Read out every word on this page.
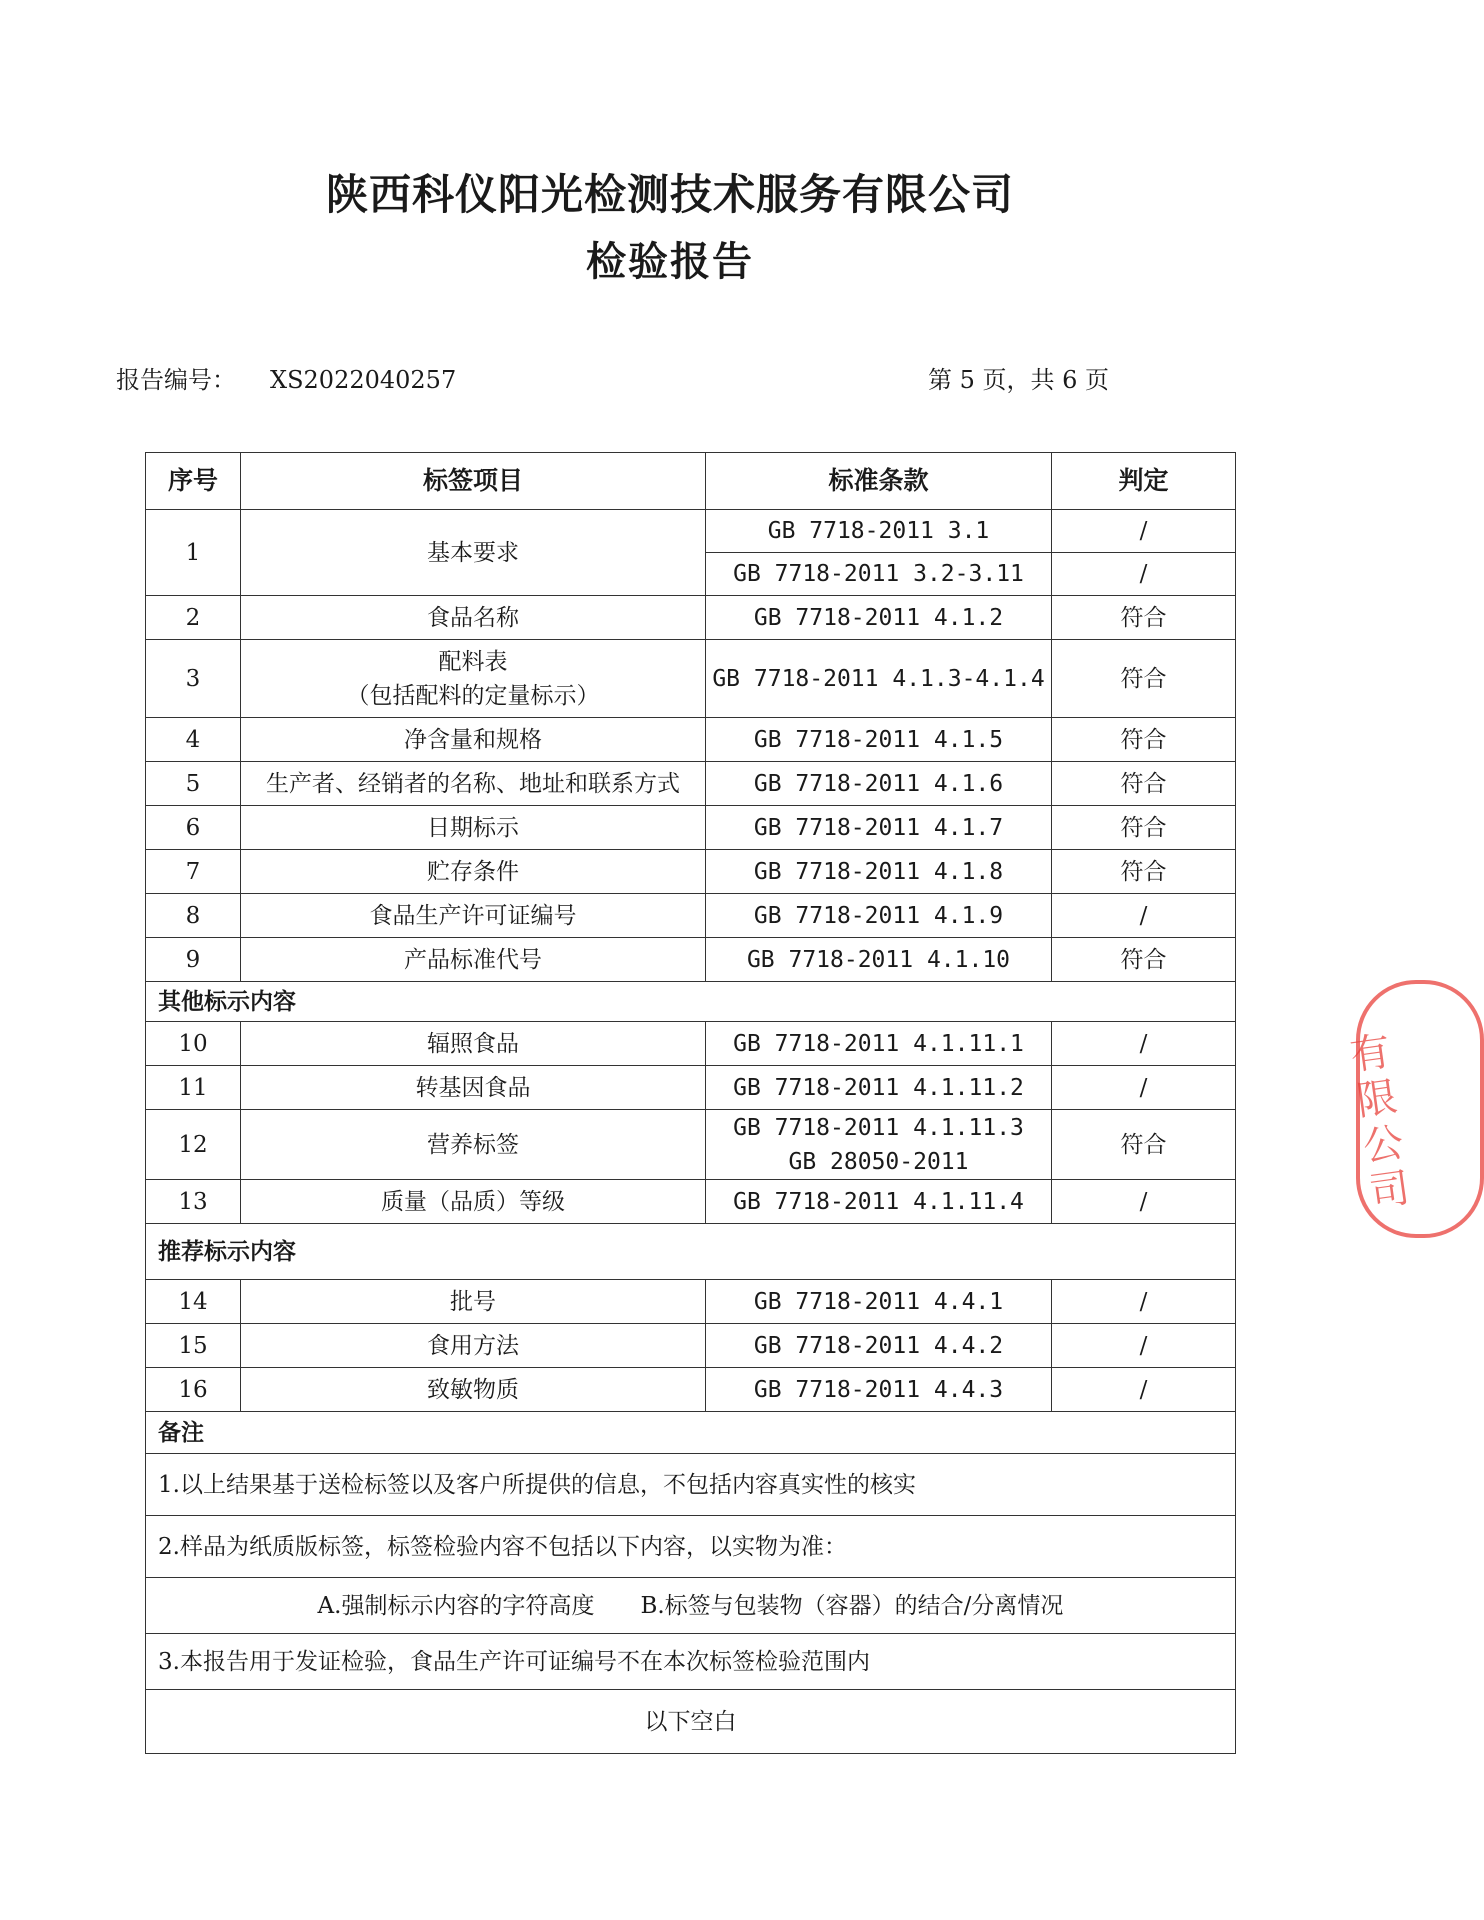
陕西科仪阳光检测技术服务有限公司
检验报告
报告编号： XS2022040257	第 5 页，共 6 页
序号	标签项目	标准条款	判定
1	基本要求	GB 7718-2011 3.1	/
		GB 7718-2011 3.2-3.11	/
2	食品名称	GB 7718-2011 4.1.2	符合
3	配料表
（包括配料的定量标示）	GB 7718-2011 4.1.3-4.1.4	符合
4	净含量和规格	GB 7718-2011 4.1.5	符合
5	生产者、经销者的名称、地址和联系方式	GB 7718-2011 4.1.6	符合
6	日期标示	GB 7718-2011 4.1.7	符合
7	贮存条件	GB 7718-2011 4.1.8	符合
8	食品生产许可证编号	GB 7718-2011 4.1.9	/
9	产品标准代号	GB 7718-2011 4.1.10	符合
其他标示内容			
10	辐照食品	GB 7718-2011 4.1.11.1	/
11	转基因食品	GB 7718-2011 4.1.11.2	/
12	营养标签	GB 7718-2011 4.1.11.3
GB 28050-2011	符合
13	质量（品质）等级	GB 7718-2011 4.1.11.4	/
推荐标示内容			
14	批号	GB 7718-2011 4.4.1	/
15	食用方法	GB 7718-2011 4.4.2	/
16	致敏物质	GB 7718-2011 4.4.3	/
备注			
1.以上结果基于送检标签以及客户所提供的信息，不包括内容真实性的核实			
2.样品为纸质版标签，标签检验内容不包括以下内容，以实物为准：			
A.强制标示内容的字符高度　　B.标签与包装物（容器）的结合/分离情况			
3.本报告用于发证检验，食品生产许可证编号不在本次标签检验范围内			
以下空白			
有限公司
